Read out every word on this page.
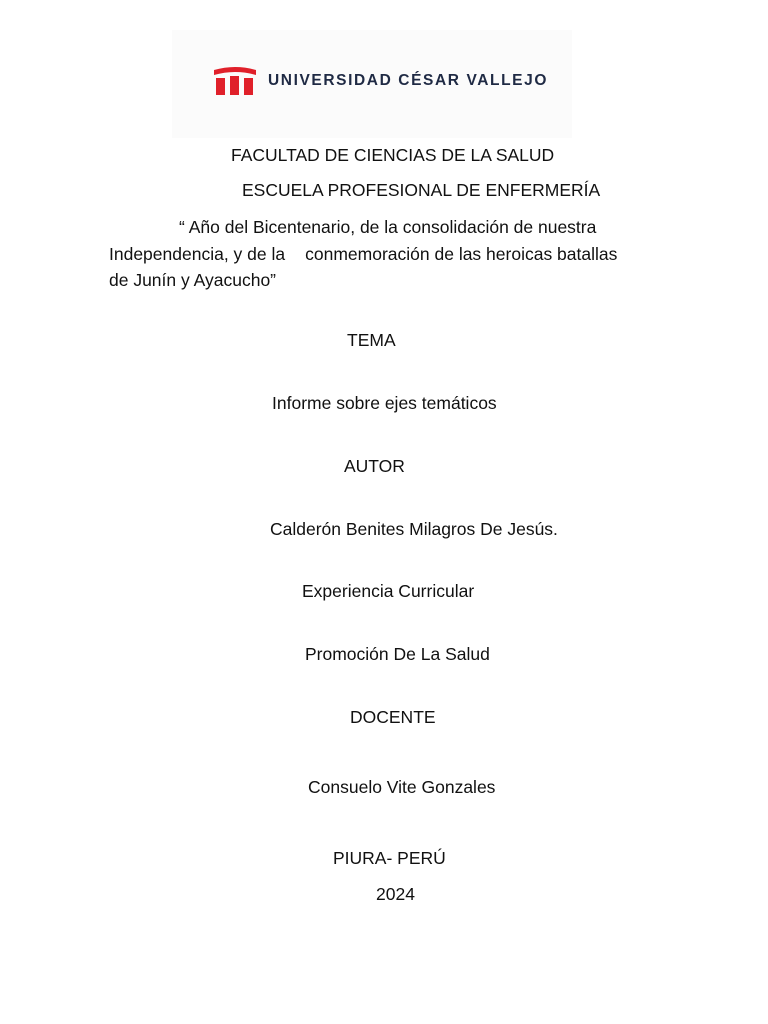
UNIVERSIDAD CÉSAR VALLEJO
FACULTAD DE CIENCIAS DE LA SALUD
ESCUELA PROFESIONAL DE ENFERMERÍA
“ Año del Bicentenario, de la consolidación de nuestra
Independencia, y de la conmemoración de las heroicas batallas
de Junín y Ayacucho”
TEMA
Informe sobre ejes temáticos
AUTOR
Calderón Benites Milagros De Jesús.
Experiencia Curricular
Promoción De La Salud
DOCENTE
Consuelo Vite Gonzales
PIURA- PERÚ
2024
